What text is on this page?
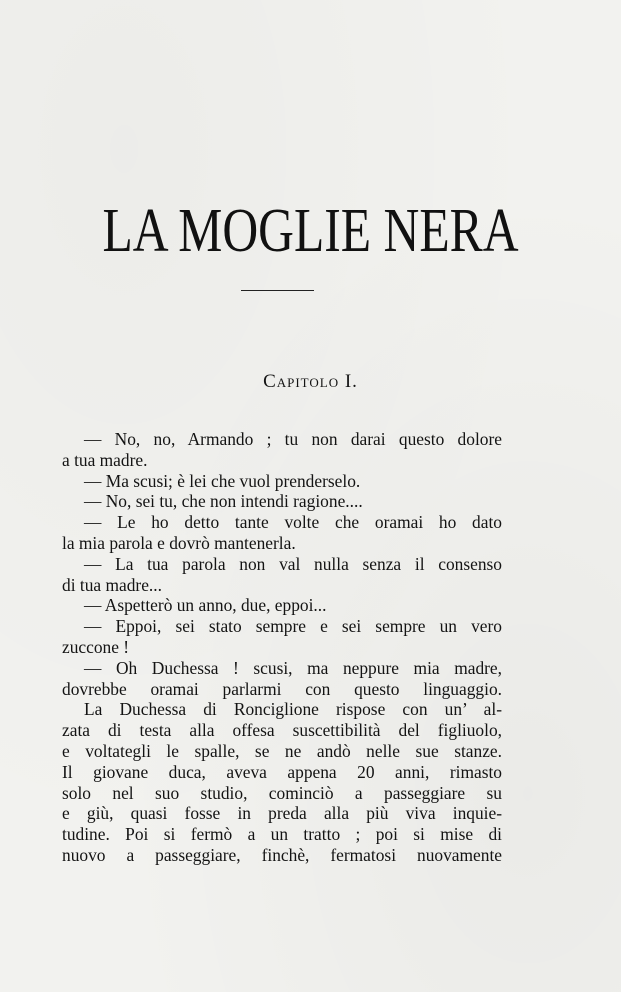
LA MOGLIE NERA
Capitolo I.
— No, no, Armando ; tu non darai questo dolore
a tua madre.
— Ma scusi; è lei che vuol prenderselo.
— No, sei tu, che non intendi ragione....
— Le ho detto tante volte che oramai ho dato
la mia parola e dovrò mantenerla.
— La tua parola non val nulla senza il consenso
di tua madre...
— Aspetterò un anno, due, eppoi...
— Eppoi, sei stato sempre e sei sempre un vero
zuccone !
— Oh Duchessa ! scusi, ma neppure mia madre,
dovrebbe oramai parlarmi con questo linguaggio.
La Duchessa di Ronciglione rispose con un’ al-
zata di testa alla offesa suscettibilità del figliuolo,
e voltategli le spalle, se ne andò nelle sue stanze.
Il giovane duca, aveva appena 20 anni, rimasto
solo nel suo studio, cominciò a passeggiare su
e giù, quasi fosse in preda alla più viva inquie-
tudine. Poi si fermò a un tratto ; poi si mise di
nuovo a passeggiare, finchè, fermatosi nuovamente
